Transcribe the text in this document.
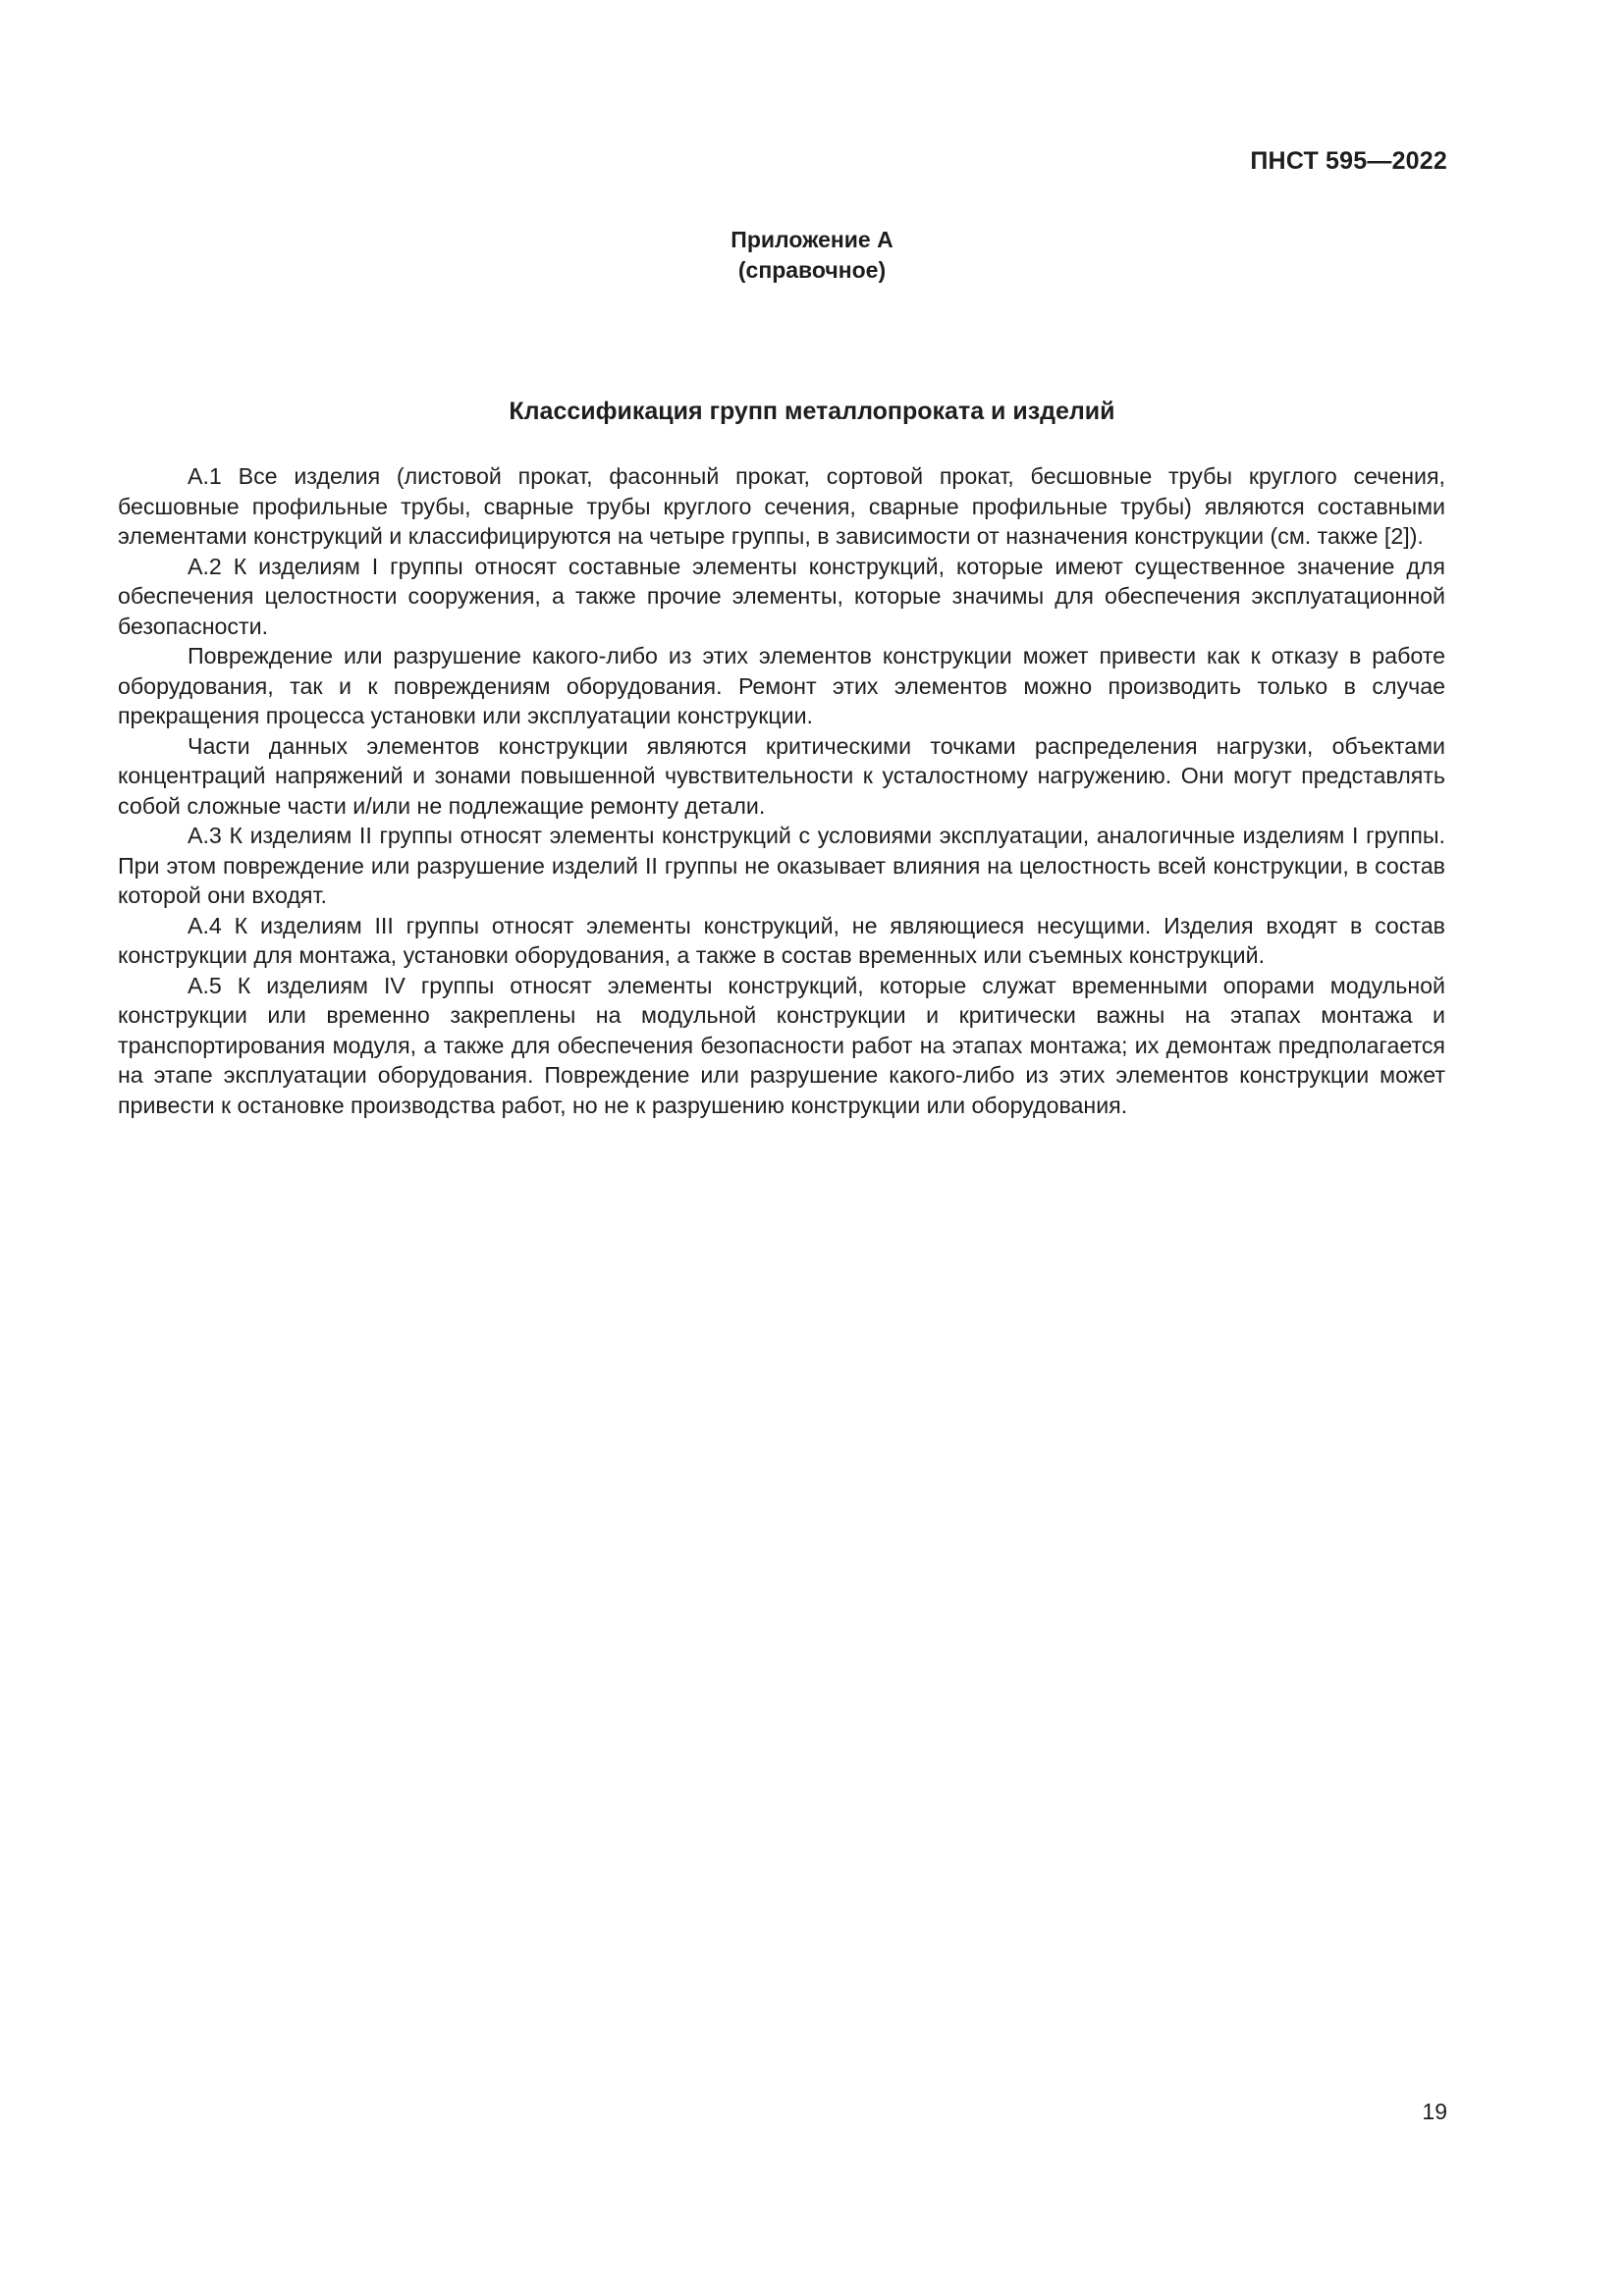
ПНСТ 595—2022
Приложение А
(справочное)
Классификация групп металлопроката и изделий

А.1 Все изделия (листовой прокат, фасонный прокат, сортовой прокат, бесшовные трубы круглого сечения, бесшовные профильные трубы, сварные трубы круглого сечения, сварные профильные трубы) являются составными элементами конструкций и классифицируются на четыре группы, в зависимости от назначения конструкции (см. также [2]).

А.2 К изделиям I группы относят составные элементы конструкций, которые имеют существенное значение для обеспечения целостности сооружения, а также прочие элементы, которые значимы для обеспечения эксплуатационной безопасности.

Повреждение или разрушение какого-либо из этих элементов конструкции может привести как к отказу в работе оборудования, так и к повреждениям оборудования. Ремонт этих элементов можно производить только в случае прекращения процесса установки или эксплуатации конструкции.

Части данных элементов конструкции являются критическими точками распределения нагрузки, объектами концентраций напряжений и зонами повышенной чувствительности к усталостному нагружению. Они могут представлять собой сложные части и/или не подлежащие ремонту детали.

А.3 К изделиям II группы относят элементы конструкций с условиями эксплуатации, аналогичные изделиям I группы. При этом повреждение или разрушение изделий II группы не оказывает влияния на целостность всей конструкции, в состав которой они входят.

А.4 К изделиям III группы относят элементы конструкций, не являющиеся несущими. Изделия входят в состав конструкции для монтажа, установки оборудования, а также в состав временных или съемных конструкций.

А.5 К изделиям IV группы относят элементы конструкций, которые служат временными опорами модульной конструкции или временно закреплены на модульной конструкции и критически важны на этапах монтажа и транспортирования модуля, а также для обеспечения безопасности работ на этапах монтажа; их демонтаж предполагается на этапе эксплуатации оборудования. Повреждение или разрушение какого-либо из этих элементов конструкции может привести к остановке производства работ, но не к разрушению конструкции или оборудования.

19
